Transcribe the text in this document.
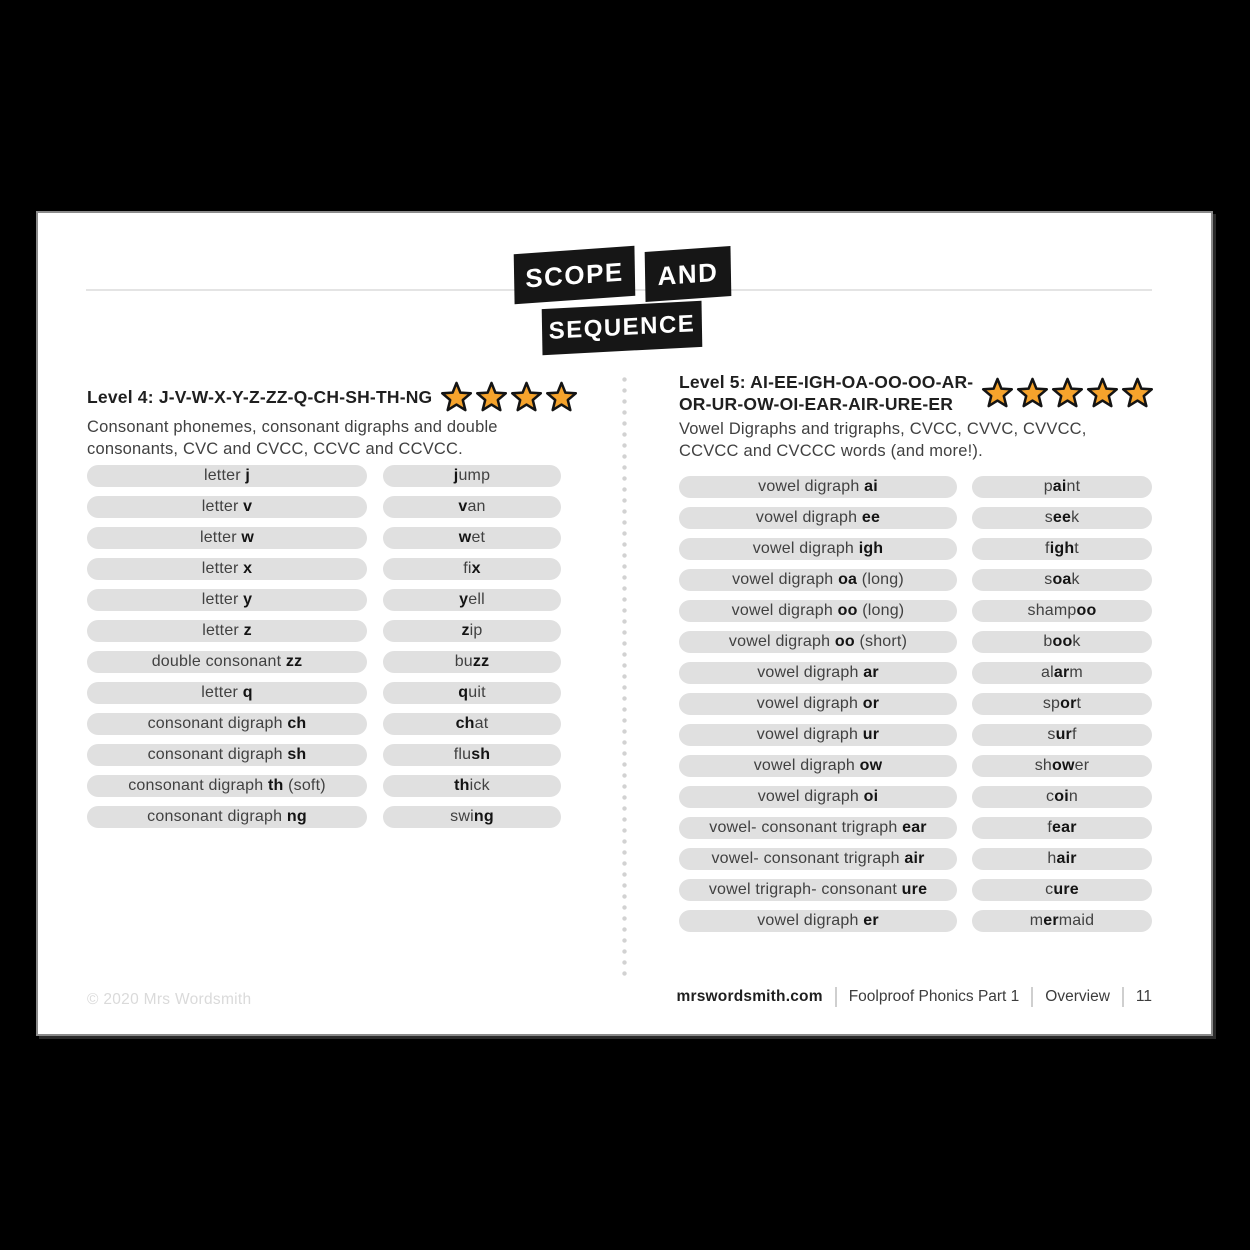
SCOPE AND
SEQUENCE
Level 4: J-V-W-X-Y-Z-ZZ-Q-CH-SH-TH-NG
Consonant phonemes, consonant digraphs and double
consonants, CVC and CVCC, CCVC and CCVCC.
letter j	jump
letter v	van
letter w	wet
letter x	fix
letter y	yell
letter z	zip
double consonant zz	buzz
letter q	quit
consonant digraph ch	chat
consonant digraph sh	flush
consonant digraph th (soft)	thick
consonant digraph ng	swing
Level 5: AI-EE-IGH-OA-OO-OO-AR-
OR-UR-OW-OI-EAR-AIR-URE-ER
Vowel Digraphs and trigraphs, CVCC, CVVC, CVVCC,
CCVCC and CVCCC words (and more!).
vowel digraph ai	paint
vowel digraph ee	seek
vowel digraph igh	fight
vowel digraph oa (long)	soak
vowel digraph oo (long)	shampoo
vowel digraph oo (short)	book
vowel digraph ar	alarm
vowel digraph or	sport
vowel digraph ur	surf
vowel digraph ow	shower
vowel digraph oi	coin
vowel- consonant trigraph ear	fear
vowel- consonant trigraph air	hair
vowel trigraph- consonant ure	cure
vowel digraph er	mermaid
© 2020 Mrs Wordsmith	mrswordsmith.com Foolproof Phonics Part 1 Overview 11
